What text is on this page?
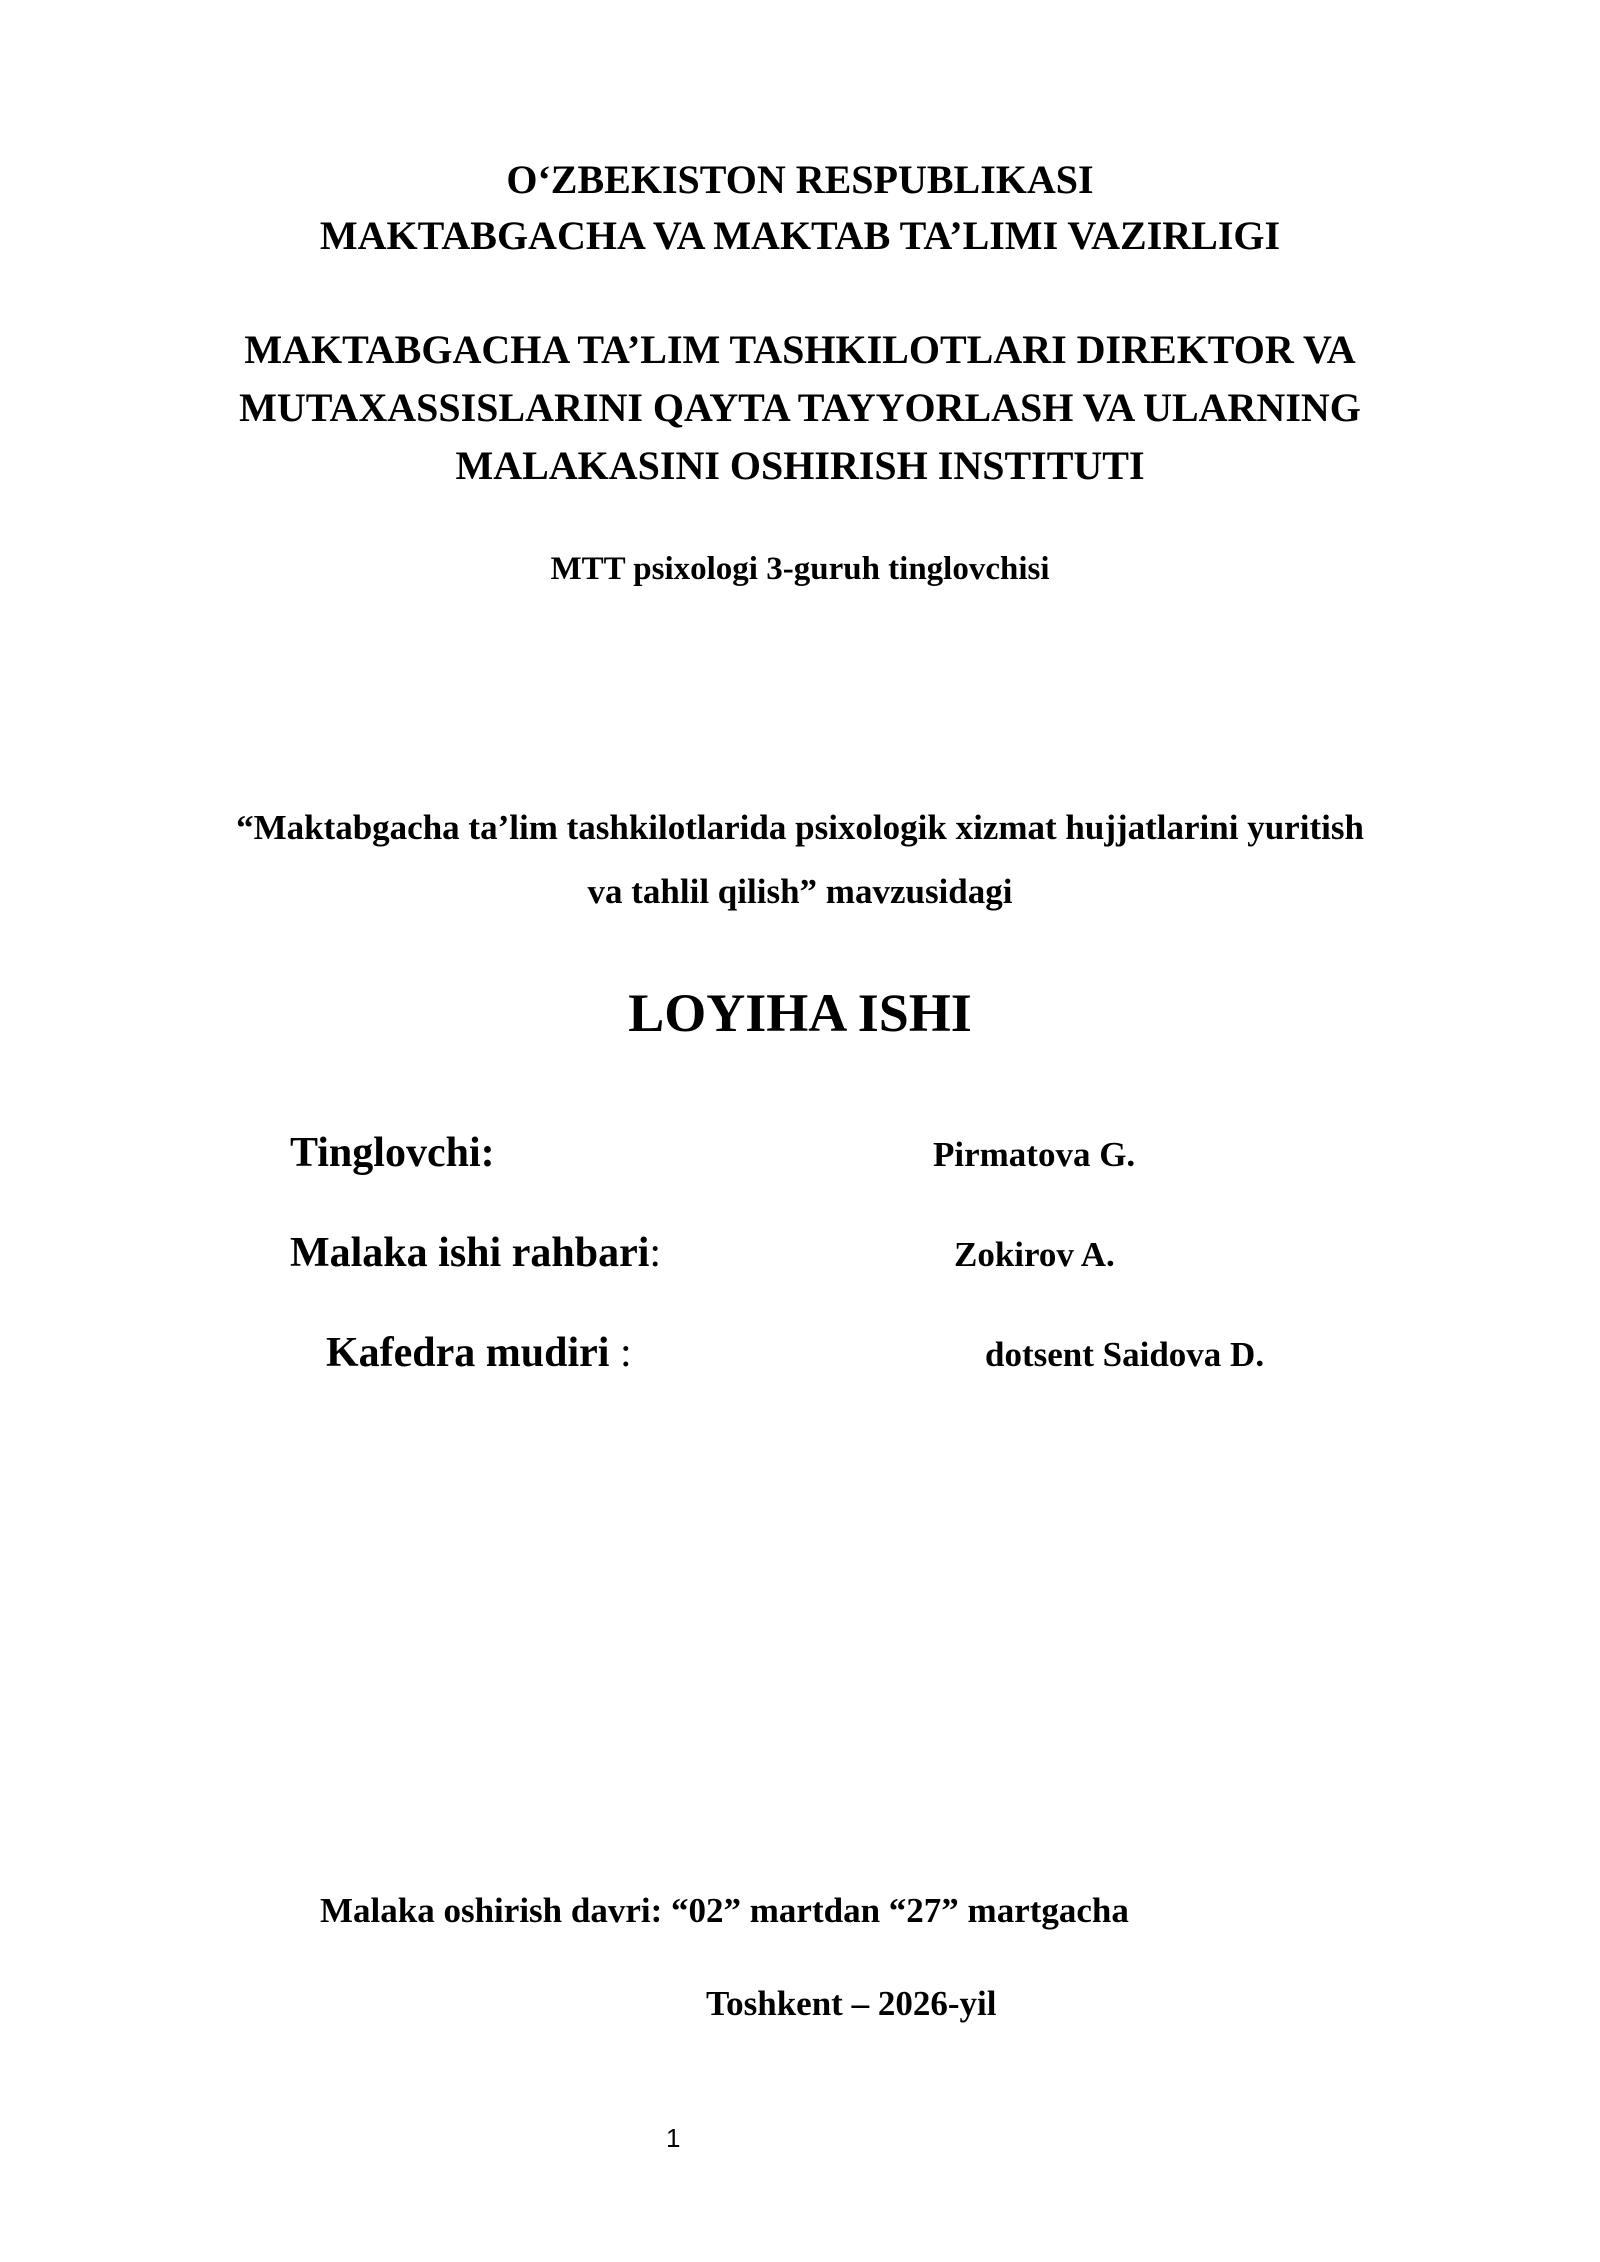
O‘ZBEKISTON RESPUBLIKASI
MAKTABGACHA VA MAKTAB TA’LIMI VAZIRLIGI
MAKTABGACHA TA’LIM TASHKILOTLARI DIREKTOR VA
MUTAXASSISLARINI QAYTA TAYYORLASH VA ULARNING
MALAKASINI OSHIRISH INSTITUTI
MTT psixologi 3-guruh tinglovchisi
“Maktabgacha ta’lim tashkilotlarida psixologik xizmat hujjatlarini yuritish
va tahlil qilish” mavzusidagi
LOYIHA ISHI
Tinglovchi:	Pirmatova G.
Malaka ishi rahbari:	Zokirov A.
Kafedra mudiri :	dotsent Saidova D.
Malaka oshirish davri: “02” martdan “27” martgacha
Toshkent – 2026-yil
1
